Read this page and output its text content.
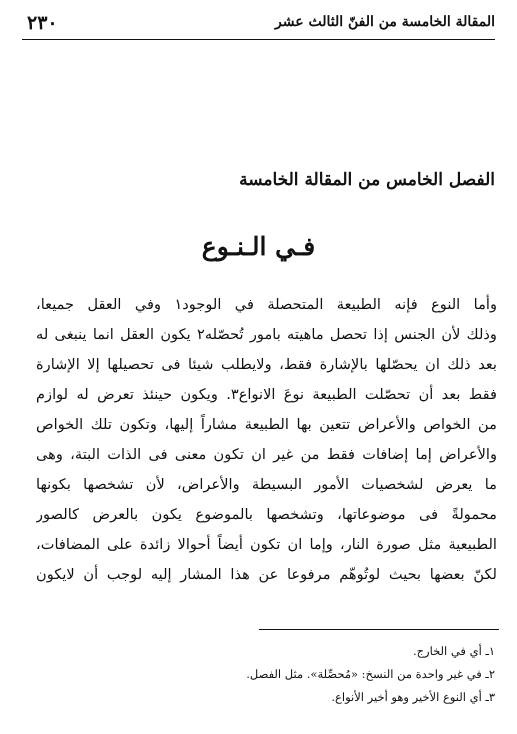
٢٣٠	المقالة الخامسة من الفنّ الثالث عشر
الفصل الخامس من المقالة الخامسة
فـي الـنـوع

وأما النوع فإنه الطبيعة المتحصلة في الوجود١ وفي العقل جميعا،

وذلك لأن الجنس إذا تحصل ماهيته بامور تُحصّله٢ يكون العقل انما ينبغى له

بعد ذلك ان يحصّلها بالإشارة فقط، ولايطلب شيئا فى تحصيلها إلا الإشارة

فقط بعد أن تحصّلت الطبيعة نوعَ الانواع٣. ويكون حينئذ تعرض له لوازم

من الخواص والأعراض تتعين بها الطبيعة مشاراً إليها، وتكون تلك الخواص

والأعراض إما إضافات فقط من غير ان تكون معنى فى الذات البتة، وهى

ما يعرض لشخصيات الأمور البسيطة والأعراض، لأن تشخصها بكونها

محمولةً فى موضوعاتها، وتشخصها بالموضوع يكون بالعرض كالصور

الطبيعية مثل صورة النار، وإما ان تكون أيضاً أحوالا زائدة على المضافات،

لكنّ بعضها بحيث لوتُوهّم مرفوعا عن هذا المشار إليه لوجب أن لايكون

١ـ أي في الخارج.
٢ـ في غير واحدة من النسخ: «مُحصِّلة». مثل الفصل.
٣ـ أي النوع الأخير وهو أخير الأنواع.
